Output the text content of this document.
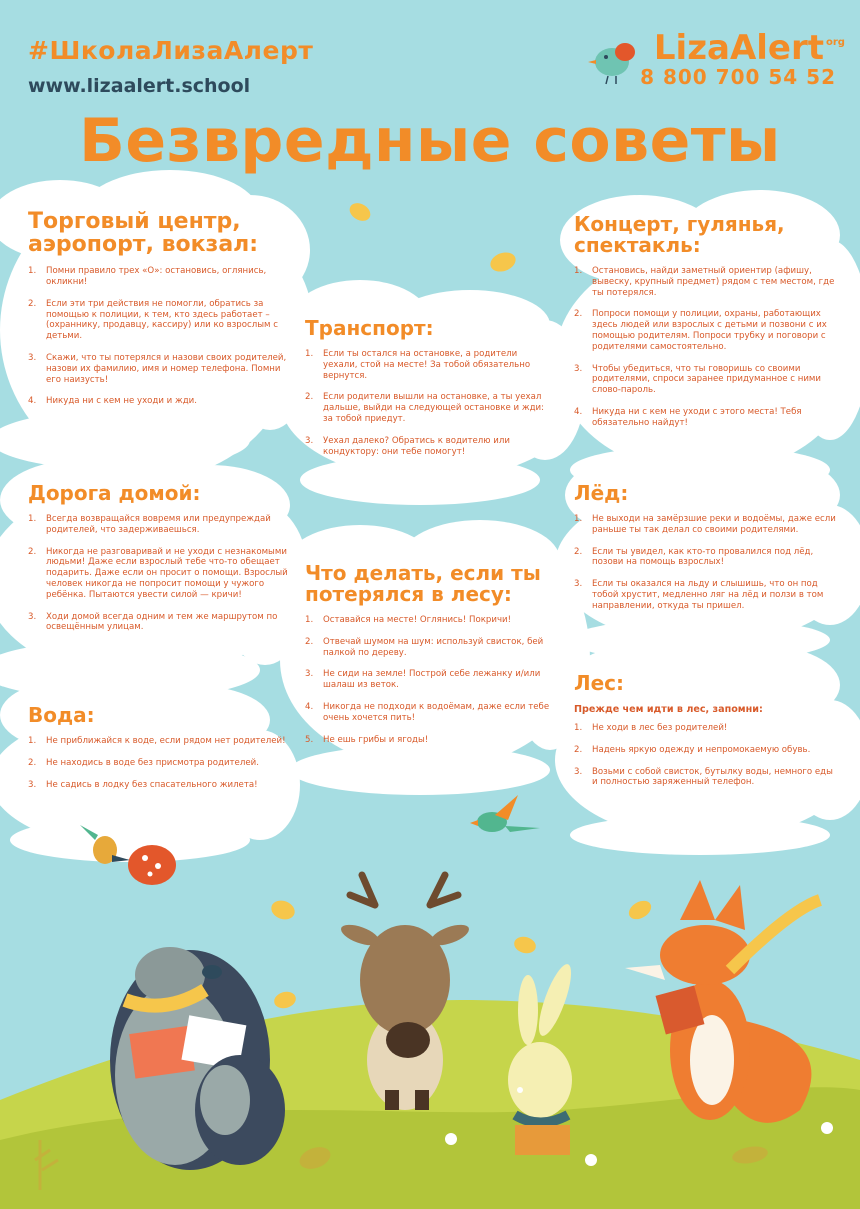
#ШколаЛизаАлерт

www.lizaalert.school

LizaAlert org
8 800 700 54 52
Безвредные советы
Торговый центр,
аэропорт, вокзал:
1. Помни правило трех «О»: остановись, оглянись, окликни!
2. Если эти три действия не помогли, обратись за помощью к полиции, к тем, кто здесь работает – (охраннику, продавцу, кассиру) или ко взрослым с детьми.
3. Скажи, что ты потерялся и назови своих родителей, назови их фамилию, имя и номер телефона. Помни его наизусть!
4. Никуда ни с кем не уходи и жди.
Транспорт:
1. Если ты остался на остановке, а родители уехали, стой на месте! За тобой обязательно вернутся.
2. Если родители вышли на остановке, а ты уехал дальше, выйди на следующей остановке и жди: за тобой приедут.
3. Уехал далеко? Обратись к водителю или кондуктору: они тебе помогут!
Концерт, гулянья,
спектакль:
1. Остановись, найди заметный ориентир (афишу, вывеску, крупный предмет) рядом с тем местом, где ты потерялся.
2. Попроси помощи у полиции, охраны, работающих здесь людей или взрослых с детьми и позвони с их помощью родителям. Попроси трубку и поговори с родителями самостоятельно.
3. Чтобы убедиться, что ты говоришь со своими родителями, спроси заранее придуманное с ними слово-пароль.
4. Никуда ни с кем не уходи с этого места! Тебя обязательно найдут!
Дорога домой:
1. Всегда возвращайся вовремя или предупреждай родителей, что задерживаешься.
2. Никогда не разговаривай и не уходи с незнакомыми людьми! Даже если взрослый тебе что-то обещает подарить. Даже если он просит о помощи. Взрослый человек никогда не попросит помощи у чужого ребёнка. Пытаются увести силой — кричи!
3. Ходи домой всегда одним и тем же маршрутом по освещённым улицам.
Что делать, если ты
потерялся в лесу:
1. Оставайся на месте! Оглянись! Покричи!
2. Отвечай шумом на шум: используй свисток, бей палкой по дереву.
3. Не сиди на земле! Построй себе лежанку и/или шалаш из веток.
4. Никогда не подходи к водоёмам, даже если тебе очень хочется пить!
5. Не ешь грибы и ягоды!
Лёд:
1. Не выходи на замёрзшие реки и водоёмы, даже если раньше ты так делал со своими родителями.
2. Если ты увидел, как кто-то провалился под лёд, позови на помощь взрослых!
3. Если ты оказался на льду и слышишь, что он под тобой хрустит, медленно ляг на лёд и ползи в том направлении, откуда ты пришел.
Вода:
1. Не приближайся к воде, если рядом нет родителей!
2. Не находись в воде без присмотра родителей.
3. Не садись в лодку без спасательного жилета!
Лес:

Прежде чем идти в лес, запомни:

1. Не ходи в лес без родителей!
2. Надень яркую одежду и непромокаемую обувь.
3. Возьми с собой свисток, бутылку воды, немного еды и полностью заряженный телефон.
